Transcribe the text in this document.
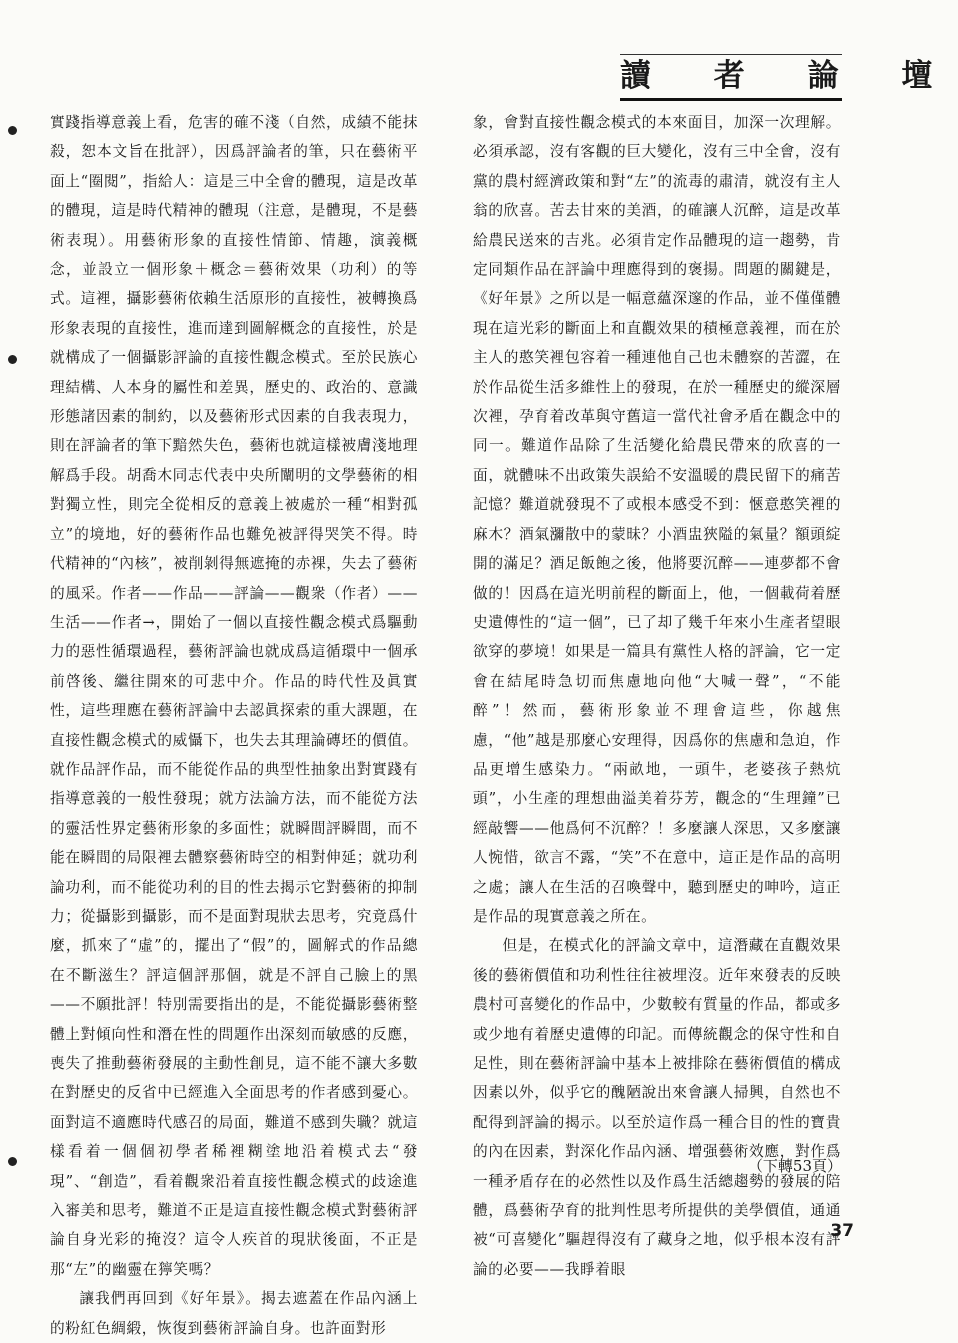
讀 者 論 壇

實踐指導意義上看，危害的確不淺（自然，成績不能抹殺，恕本文旨在批評），因爲評論者的筆，只在藝術平面上“圈閱”，指給人：這是三中全會的體現，這是改革的體現，這是時代精神的體現（注意，是體現，不是藝術表現）。用藝術形象的直接性情節、情趣，演義概念，並設立一個形象＋概念＝藝術效果（功利）的等式。這裡，攝影藝術依賴生活原形的直接性，被轉換爲形象表現的直接性，進而達到圖解概念的直接性，於是就構成了一個攝影評論的直接性觀念模式。至於民族心理結構、人本身的屬性和差異，歷史的、政治的、意識形態諸因素的制約，以及藝術形式因素的自我表現力，則在評論者的筆下黯然失色，藝術也就這樣被膚淺地理解爲手段。胡喬木同志代表中央所闡明的文學藝術的相對獨立性，則完全從相反的意義上被處於一種“相對孤立”的境地，好的藝術作品也難免被評得哭笑不得。時代精神的“內核”，被削剝得無遮掩的赤裸，失去了藝術的風采。作者——作品——評論——觀衆（作者）——生活——作者→，開始了一個以直接性觀念模式爲驅動力的惡性循環過程，藝術評論也就成爲這循環中一個承前啓後、繼往開來的可悲中介。作品的時代性及眞實性，這些理應在藝術評論中去認眞探索的重大課題，在直接性觀念模式的威懾下，也失去其理論磚坯的價值。就作品評作品，而不能從作品的典型性抽象出對實踐有指導意義的一般性發現；就方法論方法，而不能從方法的靈活性界定藝術形象的多面性；就瞬間評瞬間，而不能在瞬間的局限裡去體察藝術時空的相對伸延；就功利論功利，而不能從功利的目的性去揭示它對藝術的抑制力；從攝影到攝影，而不是面對現狀去思考，究竟爲什麼，抓來了“虛”的，擺出了“假”的，圖解式的作品總在不斷滋生？評這個評那個，就是不評自己臉上的黑——不願批評！特別需要指出的是，不能從攝影藝術整體上對傾向性和潛在性的問題作出深刻而敏感的反應，喪失了推動藝術發展的主動性創見，這不能不讓大多數在對歷史的反省中已經進入全面思考的作者感到憂心。面對這不適應時代感召的局面，難道不感到失職？就這樣看着一個個初學者稀裡糊塗地沿着模式去“發現”、“創造”，看着觀衆沿着直接性觀念模式的歧途進入審美和思考，難道不正是這直接性觀念模式對藝術評論自身光彩的掩沒？這令人疾首的現狀後面，不正是那“左”的幽靈在獰笑嗎？

讓我們再回到《好年景》。揭去遮蓋在作品內涵上的粉紅色綢緞，恢復到藝術評論自身。也許面對形

象，會對直接性觀念模式的本來面目，加深一次理解。必須承認，沒有客觀的巨大變化，沒有三中全會，沒有黨的農村經濟政策和對“左”的流毒的肅清，就沒有主人翁的欣喜。苦去甘來的美酒，的確讓人沉醉，這是改革給農民送來的吉兆。必須肯定作品體現的這一趨勢，肯定同類作品在評論中理應得到的褒揚。問題的關鍵是，《好年景》之所以是一幅意蘊深邃的作品，並不僅僅體現在這光彩的斷面上和直觀效果的積極意義裡，而在於主人的憨笑裡包容着一種連他自己也未體察的苦澀，在於作品從生活多維性上的發現，在於一種歷史的縱深層次裡，孕育着改革與守舊這一當代社會矛盾在觀念中的同一。難道作品除了生活變化給農民帶來的欣喜的一面，就體味不出政策失誤給不安溫暖的農民留下的痛苦記憶？難道就發現不了或根本感受不到：愜意憨笑裡的麻木？酒氣瀰散中的蒙昧？小酒盅狹隘的氣量？額頭綻開的滿足？酒足飯飽之後，他將要沉醉——連夢都不會做的！因爲在這光明前程的斷面上，他，一個載荷着歷史遺傳性的“這一個”，已了却了幾千年來小生產者望眼欲穿的夢境！如果是一篇具有黨性人格的評論，它一定會在結尾時急切而焦慮地向他“大喊一聲”，“不能醉”！然而，藝術形象並不理會這些，你越焦慮，“他”越是那麼心安理得，因爲你的焦慮和急迫，作品更增生感染力。“兩畝地，一頭牛，老婆孩子熱炕頭”，小生產的理想曲溢美着芬芳，觀念的“生理鐘”已經敲響——他爲何不沉醉？！多麼讓人深思，又多麼讓人惋惜，欲言不露，“笑”不在意中，這正是作品的高明之處；讓人在生活的召喚聲中，聽到歷史的呻吟，這正是作品的現實意義之所在。

但是，在模式化的評論文章中，這潛藏在直觀效果後的藝術價值和功利性往往被埋沒。近年來發表的反映農村可喜變化的作品中，少數較有質量的作品，都或多或少地有着歷史遺傳的印記。而傳統觀念的保守性和自足性，則在藝術評論中基本上被排除在藝術價值的構成因素以外，似乎它的醜陋說出來會讓人掃興，自然也不配得到評論的揭示。以至於這作爲一種合目的性的寶貴的內在因素，對深化作品內涵、增强藝術效應，對作爲一種矛盾存在的必然性以及作爲生活總趨勢的發展的陪體，爲藝術孕育的批判性思考所提供的美學價值，通通被“可喜變化”驅趕得沒有了藏身之地，似乎根本沒有評論的必要——我睜着眼

（下轉53頁）
37
